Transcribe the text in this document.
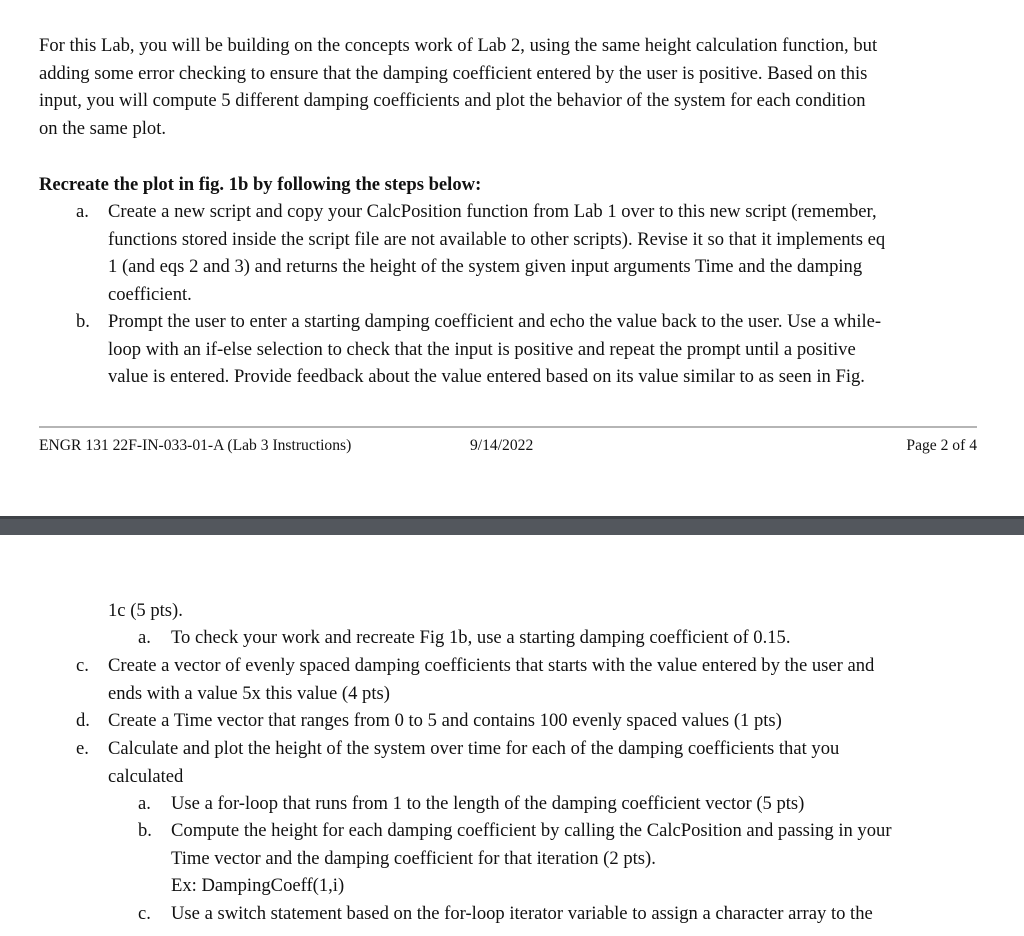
For this Lab, you will be building on the concepts work of Lab 2, using the same height calculation function, but
adding some error checking to ensure that the damping coefficient entered by the user is positive. Based on this
input, you will compute 5 different damping coefficients and plot the behavior of the system for each condition
on the same plot.
Recreate the plot in fig. 1b by following the steps below:
a. Create a new script and copy your CalcPosition function from Lab 1 over to this new script (remember,
functions stored inside the script file are not available to other scripts). Revise it so that it implements eq
1 (and eqs 2 and 3) and returns the height of the system given input arguments Time and the damping
coefficient.
b. Prompt the user to enter a starting damping coefficient and echo the value back to the user. Use a while-
loop with an if-else selection to check that the input is positive and repeat the prompt until a positive
value is entered. Provide feedback about the value entered based on its value similar to as seen in Fig.
ENGR 131 22F-IN-033-01-A (Lab 3 Instructions)	9/14/2022	Page 2 of 4
1c (5 pts).
a. To check your work and recreate Fig 1b, use a starting damping coefficient of 0.15.
c. Create a vector of evenly spaced damping coefficients that starts with the value entered by the user and
ends with a value 5x this value (4 pts)
d. Create a Time vector that ranges from 0 to 5 and contains 100 evenly spaced values (1 pts)
e. Calculate and plot the height of the system over time for each of the damping coefficients that you
calculated
a. Use a for-loop that runs from 1 to the length of the damping coefficient vector (5 pts)
b. Compute the height for each damping coefficient by calling the CalcPosition and passing in your
Time vector and the damping coefficient for that iteration (2 pts).
Ex: DampingCoeff(1,i)
c. Use a switch statement based on the for-loop iterator variable to assign a character array to the
